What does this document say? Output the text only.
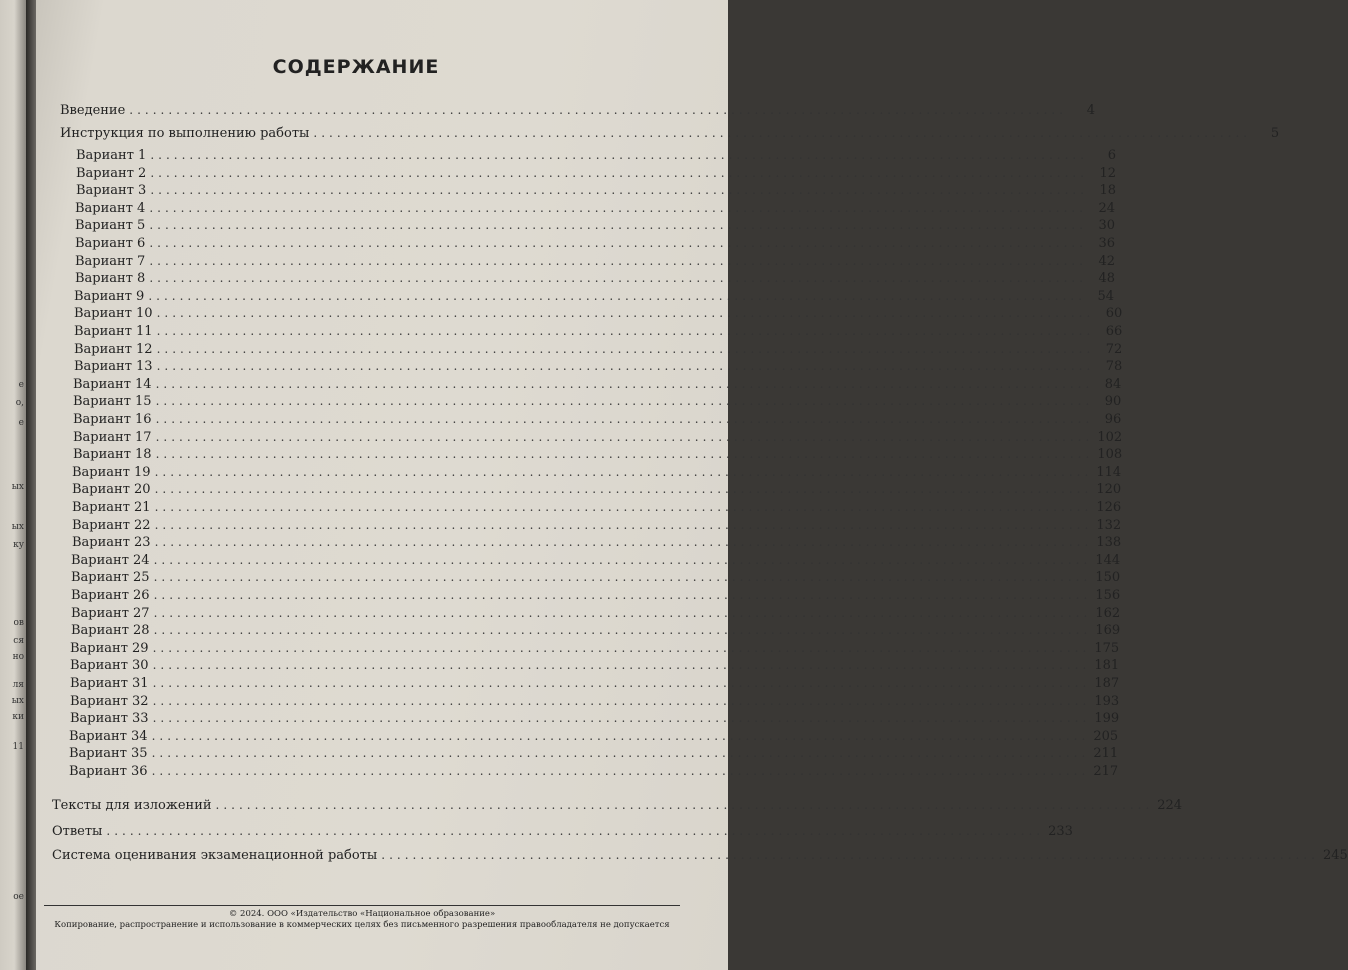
е
о,
е
ых
ых
ку
ов
ся
но
ля
ых
ки
11
ое
СОДЕРЖАНИЕ
Введение ........................................................................................................................	4
Инструкция по выполнению работы ........................................................................................................................	5
Вариант 1 ........................................................................................................................	6
Вариант 2 ........................................................................................................................ 12
Вариант 3 ........................................................................................................................ 18
Вариант 4 ........................................................................................................................ 24
Вариант 5 ........................................................................................................................ 30
Вариант 6 ........................................................................................................................ 36
Вариант 7 ........................................................................................................................ 42
Вариант 8 ........................................................................................................................ 48
Вариант 9 ........................................................................................................................ 54
Вариант 10 ........................................................................................................................ 60
Вариант 11 ........................................................................................................................ 66
Вариант 12 ........................................................................................................................ 72
Вариант 13 ........................................................................................................................ 78
Вариант 14 ........................................................................................................................ 84
Вариант 15 ........................................................................................................................ 90
Вариант 16 ........................................................................................................................ 96
Вариант 17 ........................................................................................................................ 102
Вариант 18 ........................................................................................................................ 108
Вариант 19 ........................................................................................................................ 114
Вариант 20 ........................................................................................................................ 120
Вариант 21 ........................................................................................................................ 126
Вариант 22 ........................................................................................................................ 132
Вариант 23 ........................................................................................................................ 138
Вариант 24 ........................................................................................................................ 144
Вариант 25 ........................................................................................................................ 150
Вариант 26 ........................................................................................................................ 156
Вариант 27 ........................................................................................................................ 162
Вариант 28 ........................................................................................................................ 169
Вариант 29 ........................................................................................................................ 175
Вариант 30 ........................................................................................................................ 181
Вариант 31 ........................................................................................................................ 187
Вариант 32 ........................................................................................................................ 193
Вариант 33 ........................................................................................................................ 199
Вариант 34 ........................................................................................................................ 205
Вариант 35 ........................................................................................................................ 211
Вариант 36 ........................................................................................................................ 217
Тексты для изложений ........................................................................................................................ 224
Ответы ........................................................................................................................ 233
Система оценивания экзаменационной работы ........................................................................................................................ 245
© 2024. ООО «Издательство «Национальное образование»
Копирование, распространение и использование в коммерческих целях без письменного разрешения правообладателя не допускается
